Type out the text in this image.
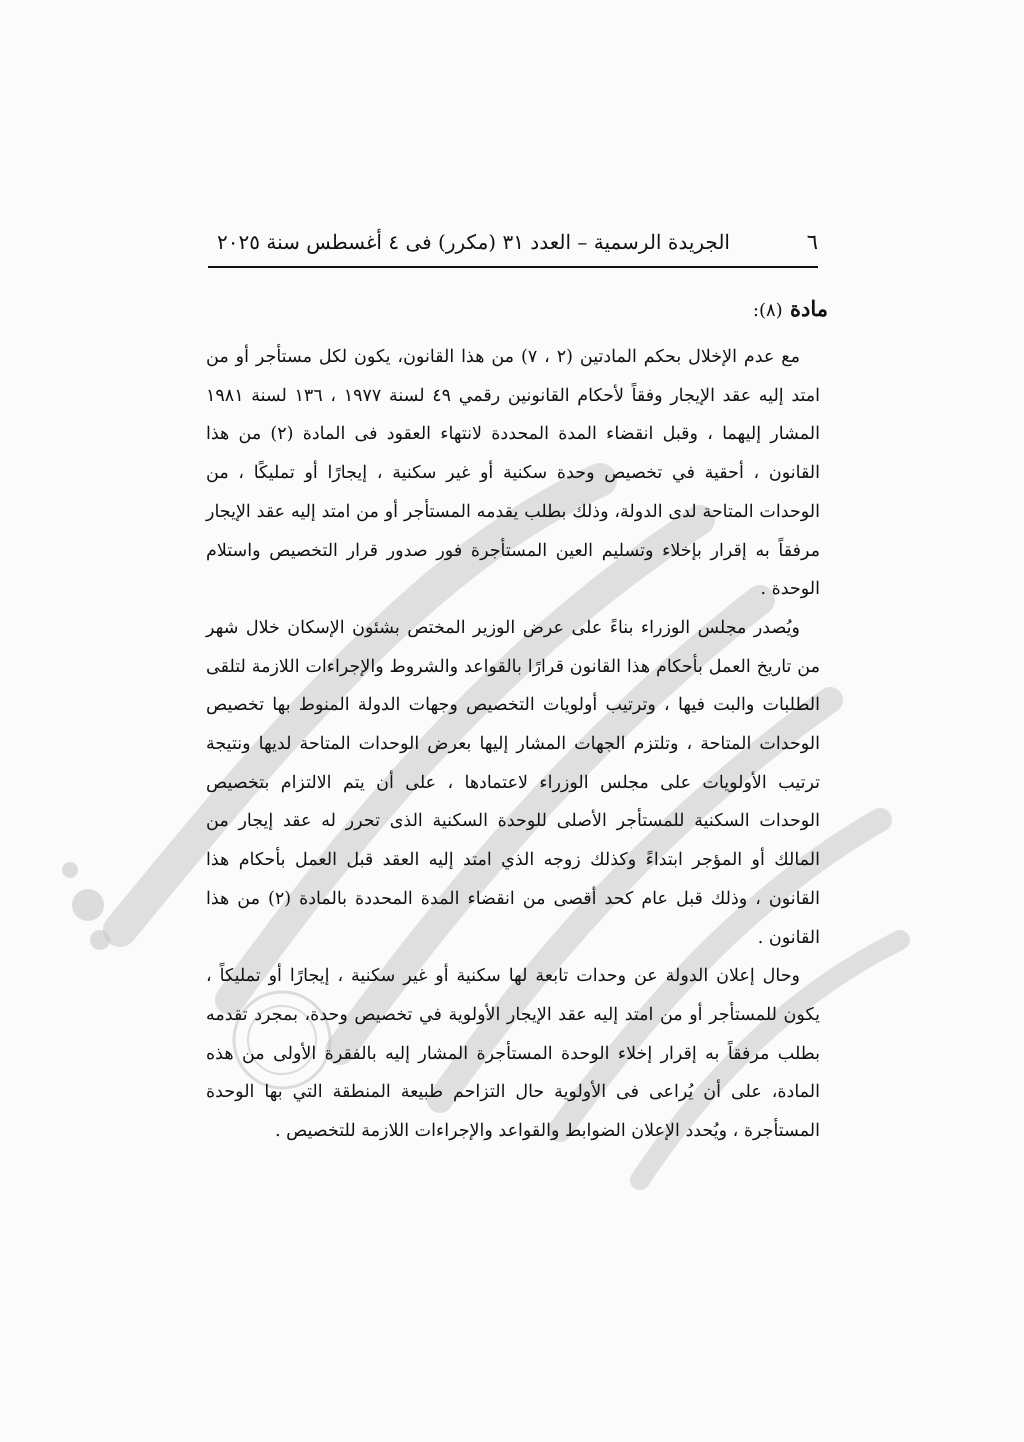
٦
الجريدة الرسمية – العدد ٣١ (مكرر) فى ٤ أغسطس سنة ٢٠٢٥
مادة (٨):

مع عدم الإخلال بحكم المادتين (٢ ، ٧) من هذا القانون، يكون لكل مستأجر أو من امتد إليه عقد الإيجار وفقاً لأحكام القانونين رقمي ٤٩ لسنة ١٩٧٧ ، ١٣٦ لسنة ١٩٨١ المشار إليهما ، وقبل انقضاء المدة المحددة لانتهاء العقود فى المادة (٢) من هذا القانون ، أحقية في تخصيص وحدة سكنية أو غير سكنية ، إيجارًا أو تمليكًا ، من الوحدات المتاحة لدى الدولة، وذلك بطلب يقدمه المستأجر أو من امتد إليه عقد الإيجار مرفقاً به إقرار بإخلاء وتسليم العين المستأجرة فور صدور قرار التخصيص واستلام الوحدة .

ويُصدر مجلس الوزراء بناءً على عرض الوزير المختص بشئون الإسكان خلال شهر من تاريخ العمل بأحكام هذا القانون قرارًا بالقواعد والشروط والإجراءات اللازمة لتلقى الطلبات والبت فيها ، وترتيب أولويات التخصيص وجهات الدولة المنوط بها تخصيص الوحدات المتاحة ، وتلتزم الجهات المشار إليها بعرض الوحدات المتاحة لديها ونتيجة ترتيب الأولويات على مجلس الوزراء لاعتمادها ، على أن يتم الالتزام بتخصيص الوحدات السكنية للمستأجر الأصلى للوحدة السكنية الذى تحرر له عقد إيجار من المالك أو المؤجر ابتداءً وكذلك زوجه الذي امتد إليه العقد قبل العمل بأحكام هذا القانون ، وذلك قبل عام كحد أقصى من انقضاء المدة المحددة بالمادة (٢) من هذا القانون .

وحال إعلان الدولة عن وحدات تابعة لها سكنية أو غير سكنية ، إيجارًا أو تمليكاً ، يكون للمستأجر أو من امتد إليه عقد الإيجار الأولوية في تخصيص وحدة، بمجرد تقدمه بطلب مرفقاً به إقرار إخلاء الوحدة المستأجرة المشار إليه بالفقرة الأولى من هذه المادة، على أن يُراعى فى الأولوية حال التزاحم طبيعة المنطقة التي بها الوحدة المستأجرة ، ويُحدد الإعلان الضوابط والقواعد والإجراءات اللازمة للتخصيص .
